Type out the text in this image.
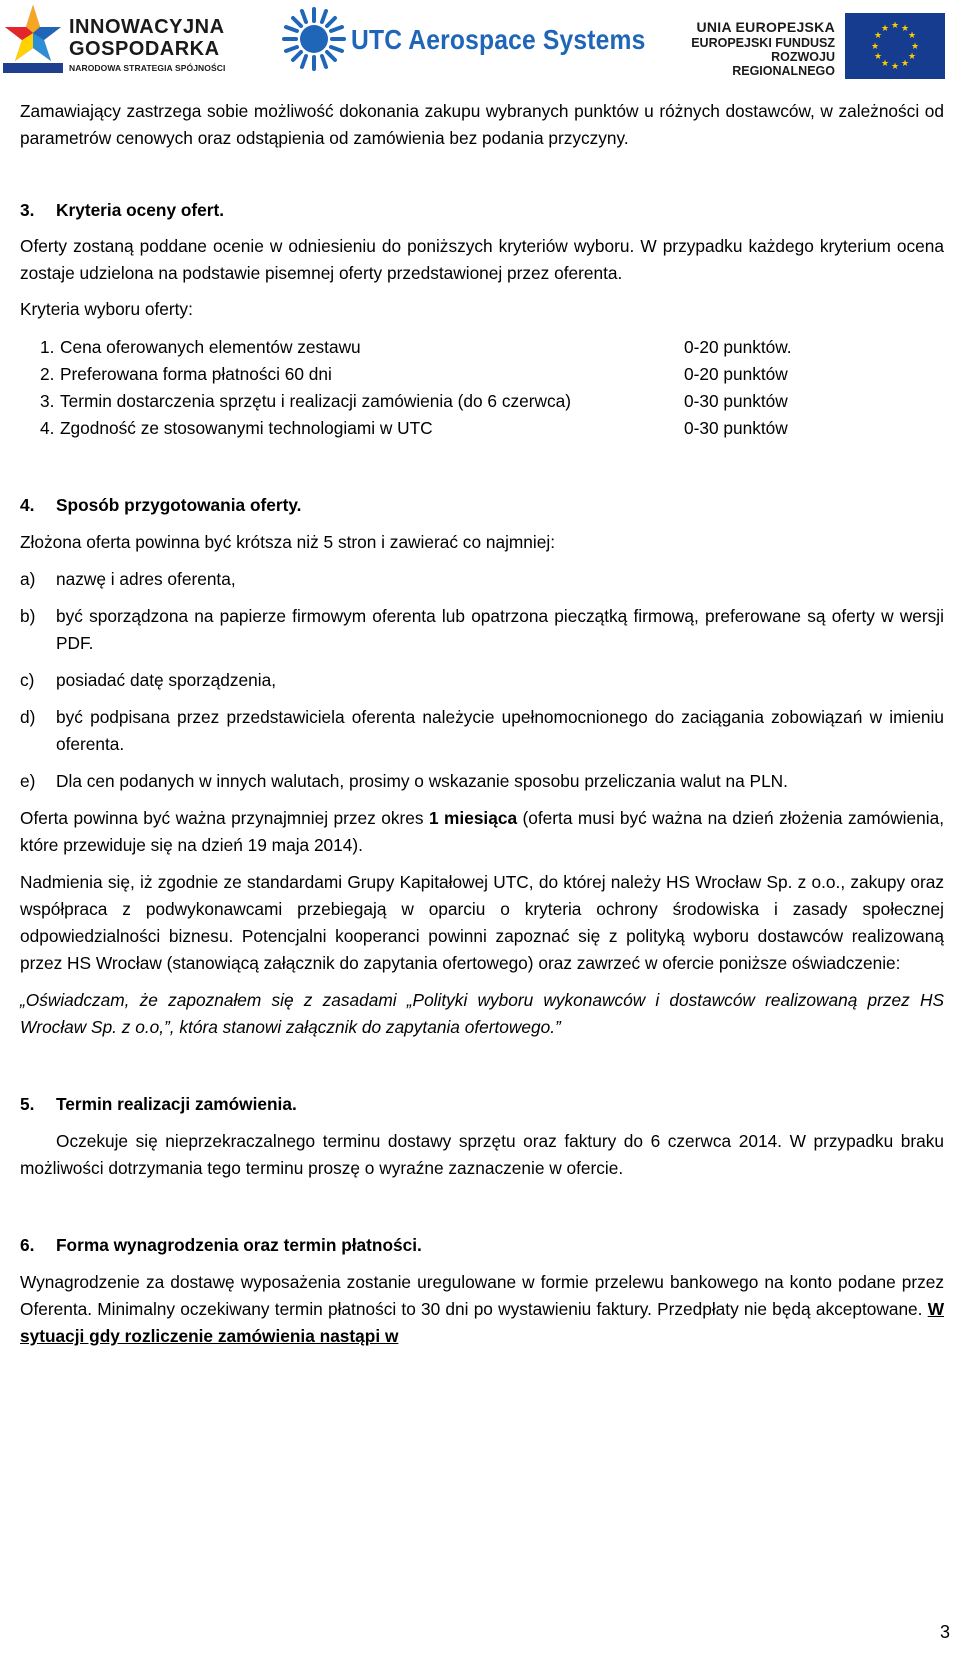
INNOWACYJNA
GOSPODARKA
NARODOWA STRATEGIA SPÓJNOŚCI
UTC Aerospace Systems	UNIA EUROPEJSKA
EUROPEJSKI FUNDUSZ
ROZWOJU REGIONALNEGO
★ ★
★
★
★
★
★
★
★
★
★
★

Zamawiający zastrzega sobie możliwość dokonania zakupu wybranych punktów u różnych dostawców, w zależności od parametrów cenowych oraz odstąpienia od zamówienia bez podania przyczyny.

3.	Kryteria oceny ofert.

Oferty zostaną poddane ocenie w odniesieniu do poniższych kryteriów wyboru. W przypadku każdego kryterium ocena zostaje udzielona na podstawie pisemnej oferty przedstawionej przez oferenta.

Kryteria wyboru oferty:

1. Cena oferowanych elementów zestawu	0-20 punktów.
2. Preferowana forma płatności 60 dni	0-20 punktów
3. Termin dostarczenia sprzętu i realizacji zamówienia (do 6 czerwca)	0-30 punktów
4. Zgodność ze stosowanymi technologiami w UTC	0-30 punktów
4.	Sposób przygotowania oferty.

Złożona oferta powinna być krótsza niż 5 stron i zawierać co najmniej:

a)	nazwę i adres oferenta,
b)	być sporządzona na papierze firmowym oferenta lub opatrzona pieczątką firmową, preferowane są oferty w wersji PDF.
c)	posiadać datę sporządzenia,
d)	być podpisana przez przedstawiciela oferenta należycie upełnomocnionego do zaciągania zobowiązań w imieniu oferenta.
e)	Dla cen podanych w innych walutach, prosimy o wskazanie sposobu przeliczania walut na PLN.

Oferta powinna być ważna przynajmniej przez okres 1 miesiąca (oferta musi być ważna na dzień złożenia zamówienia, które przewiduje się na dzień 19 maja 2014).

Nadmienia się, iż zgodnie ze standardami Grupy Kapitałowej UTC, do której należy HS Wrocław Sp. z o.o., zakupy oraz współpraca z podwykonawcami przebiegają w oparciu o kryteria ochrony środowiska i zasady społecznej odpowiedzialności biznesu. Potencjalni kooperanci powinni zapoznać się z polityką wyboru dostawców realizowaną przez HS Wrocław (stanowiącą załącznik do zapytania ofertowego) oraz zawrzeć w ofercie poniższe oświadczenie:

„Oświadczam, że zapoznałem się z zasadami „Polityki wyboru wykonawców i dostawców realizowaną przez HS Wrocław Sp. z o.o,”, która stanowi załącznik do zapytania ofertowego.”

5.	Termin realizacji zamówienia.

Oczekuje się nieprzekraczalnego terminu dostawy sprzętu oraz faktury do 6 czerwca 2014. W przypadku braku możliwości dotrzymania tego terminu proszę o wyraźne zaznaczenie w ofercie.

6.	Forma wynagrodzenia oraz termin płatności.

Wynagrodzenie za dostawę wyposażenia zostanie uregulowane w formie przelewu bankowego na konto podane przez Oferenta. Minimalny oczekiwany termin płatności to 30 dni po wystawieniu faktury. Przedpłaty nie będą akceptowane. W sytuacji gdy rozliczenie zamówienia nastąpi w

3
